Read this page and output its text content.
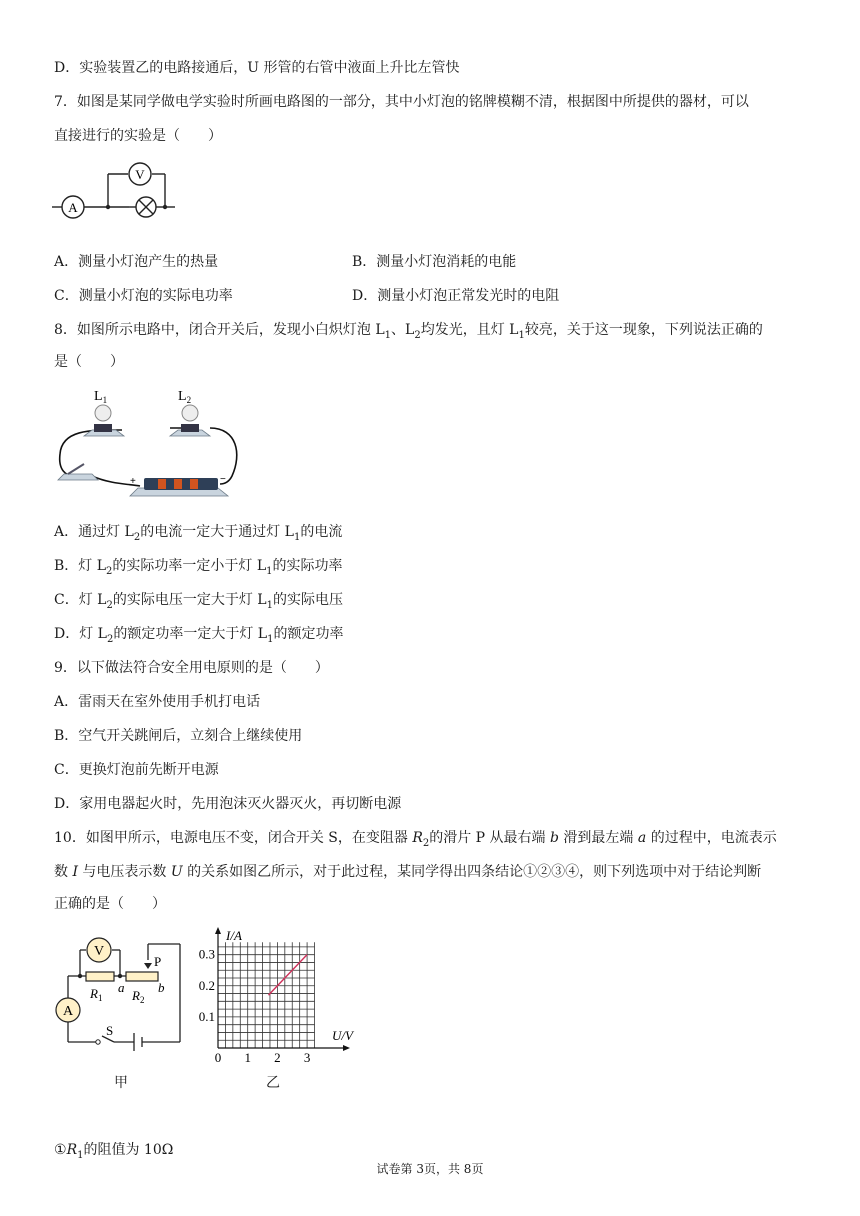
D．实验装置乙的电路接通后，U 形管的右管中液面上升比左管快
7．如图是某同学做电学实验时所画电路图的一部分，其中小灯泡的铭牌模糊不清，根据图中所提供的器材，可以
直接进行的实验是（　　）
A
V
A．测量小灯泡产生的热量	B．测量小灯泡消耗的电能
C．测量小灯泡的实际电功率	D．测量小灯泡正常发光时的电阻
8．如图所示电路中，闭合开关后，发现小白炽灯泡 $L_1$、$L_2$均发光，且灯 $L_1$较亮，关于这一现象，下列说法正确的
是（　　）
$L_1$	$L_2$
+	−
A．通过灯 $L_2$的电流一定大于通过灯 $L_1$的电流
B．灯 $L_2$的实际功率一定小于灯 $L_1$的实际功率
C．灯 $L_2$的实际电压一定大于灯 $L_1$的实际电压
D．灯 $L_2$的额定功率一定大于灯 $L_1$的额定功率
9．以下做法符合安全用电原则的是（　　）
A．雷雨天在室外使用手机打电话
B．空气开关跳闸后，立刻合上继续使用
C．更换灯泡前先断开电源
D．家用电器起火时，先用泡沫灭火器灭火，再切断电源
10．如图甲所示，电源电压不变，闭合开关 S，在变阻器 $R_2$的滑片 P 从最右端 b 滑到最左端 a 的过程中，电流表示
数 I 与电压表示数 U 的关系如图乙所示，对于此过程，某同学得出四条结论①②③④，则下列选项中对于结论判断
正确的是（　　）
V
A
$R_1$ $R_2$
a	b
P
S
甲
U/V
I/A
0 1 2 3
0.1
0.2
0.3
乙
$①R_1$的阻值为 10Ω
试卷第 3页，共 8页
